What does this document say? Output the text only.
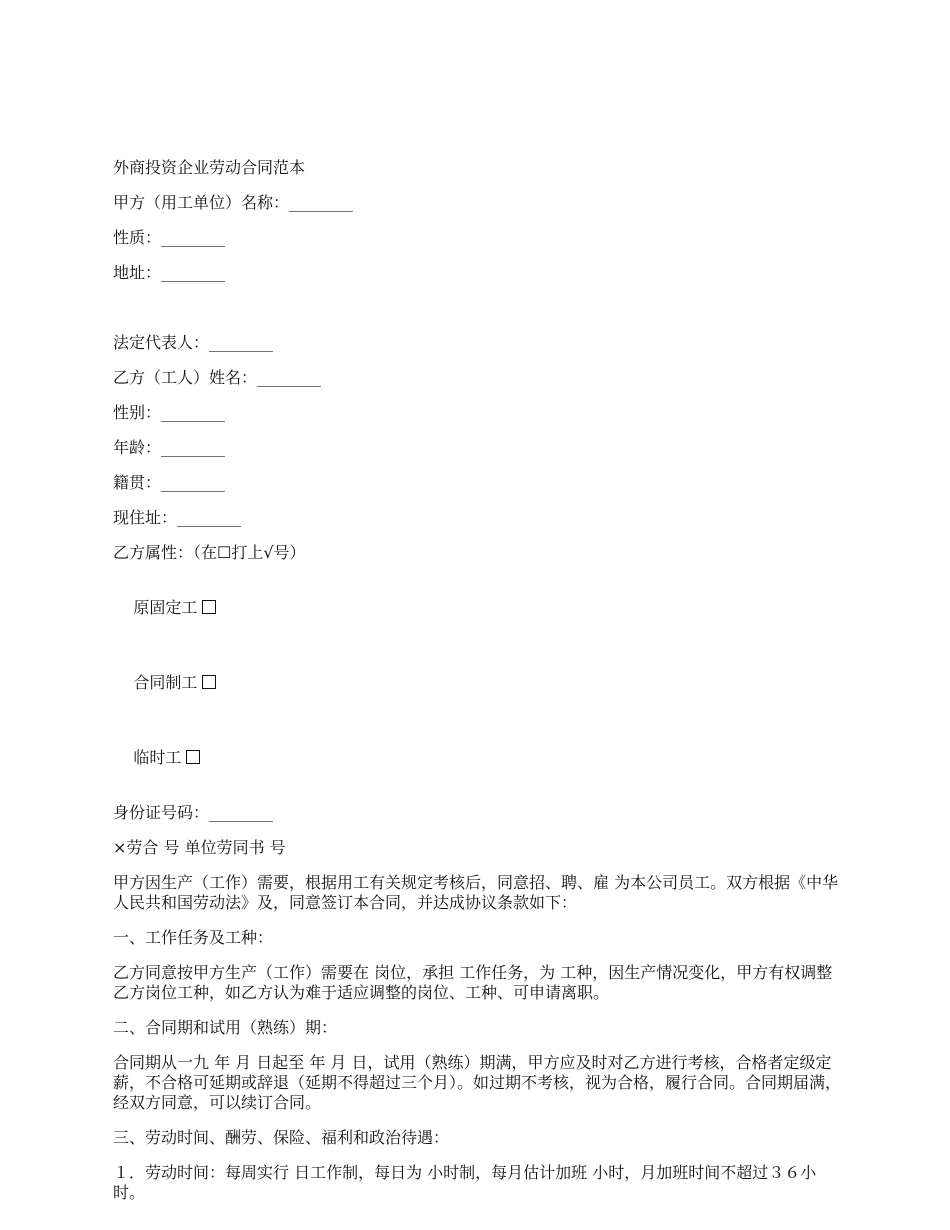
外商投资企业劳动合同范本
甲方（用工单位）名称：________
性质：________
地址：________
法定代表人：________
乙方（工人）姓名：________
性别：________
年龄：________
籍贯：________
现住址：________
乙方属性：（在☐打上√号）

原固定工

合同制工

临时工

身份证号码：________
×劳合 号 单位劳同书 号
甲方因生产（工作）需要，根据用工有关规定考核后，同意招、聘、雇 为本公司员工。双方根据《中华人民共和国劳动法》及，同意签订本合同，并达成协议条款如下：
一、工作任务及工种：
乙方同意按甲方生产（工作）需要在 岗位，承担 工作任务，为 工种，因生产情况变化，甲方有权调整乙方岗位工种，如乙方认为难于适应调整的岗位、工种、可申请离职。
二、合同期和试用（熟练）期：
合同期从一九 年 月 日起至 年 月 日，试用（熟练）期满，甲方应及时对乙方进行考核，合格者定级定薪，不合格可延期或辞退（延期不得超过三个月）。如过期不考核，视为合格，履行合同。合同期届满，经双方同意，可以续订合同。
三、劳动时间、酬劳、保险、福利和政治待遇：
１．劳动时间：每周实行 日工作制，每日为 小时制，每月估计加班 小时，月加班时间不超过３６小时。
